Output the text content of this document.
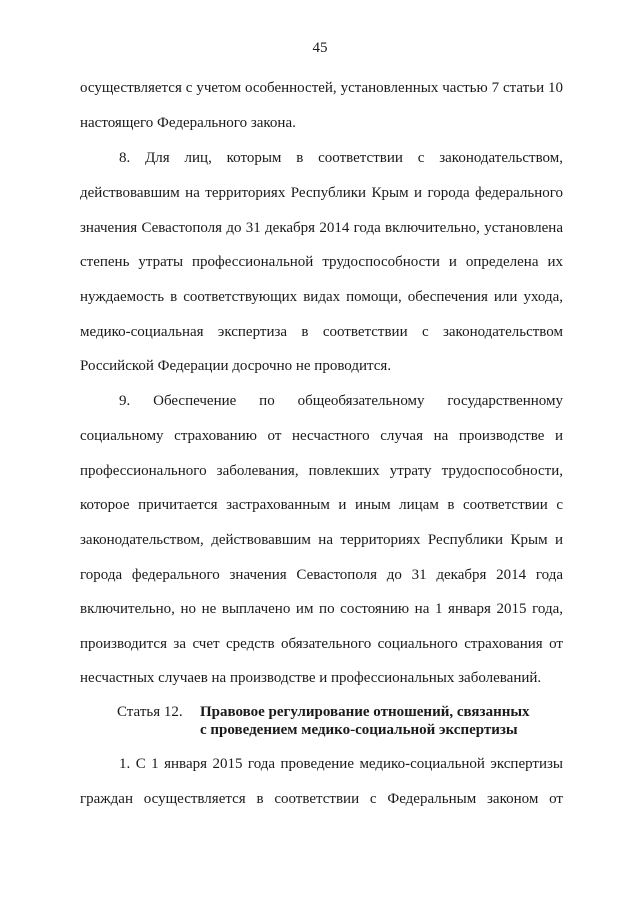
45
осуществляется с учетом особенностей, установленных частью 7 статьи 10
настоящего Федерального закона.
8. Для лиц, которым в соответствии с законодательством,
действовавшим на территориях Республики Крым и города федерального
значения Севастополя до 31 декабря 2014 года включительно, установлена
степень утраты профессиональной трудоспособности и определена их
нуждаемость в соответствующих видах помощи, обеспечения или ухода,
медико-социальная экспертиза в соответствии с законодательством
Российской Федерации досрочно не проводится.
9. Обеспечение по общеобязательному государственному
социальному страхованию от несчастного случая на производстве и
профессионального заболевания, повлекших утрату трудоспособности,
которое причитается застрахованным и иным лицам в соответствии с
законодательством, действовавшим на территориях Республики Крым и
города федерального значения Севастополя до 31 декабря 2014 года
включительно, но не выплачено им по состоянию на 1 января 2015 года,
производится за счет средств обязательного социального страхования от
несчастных случаев на производстве и профессиональных заболеваний.
Статья 12. Правовое регулирование отношений, связанных
с проведением медико-социальной экспертизы
1. С 1 января 2015 года проведение медико-социальной экспертизы
граждан осуществляется в соответствии с Федеральным законом от
